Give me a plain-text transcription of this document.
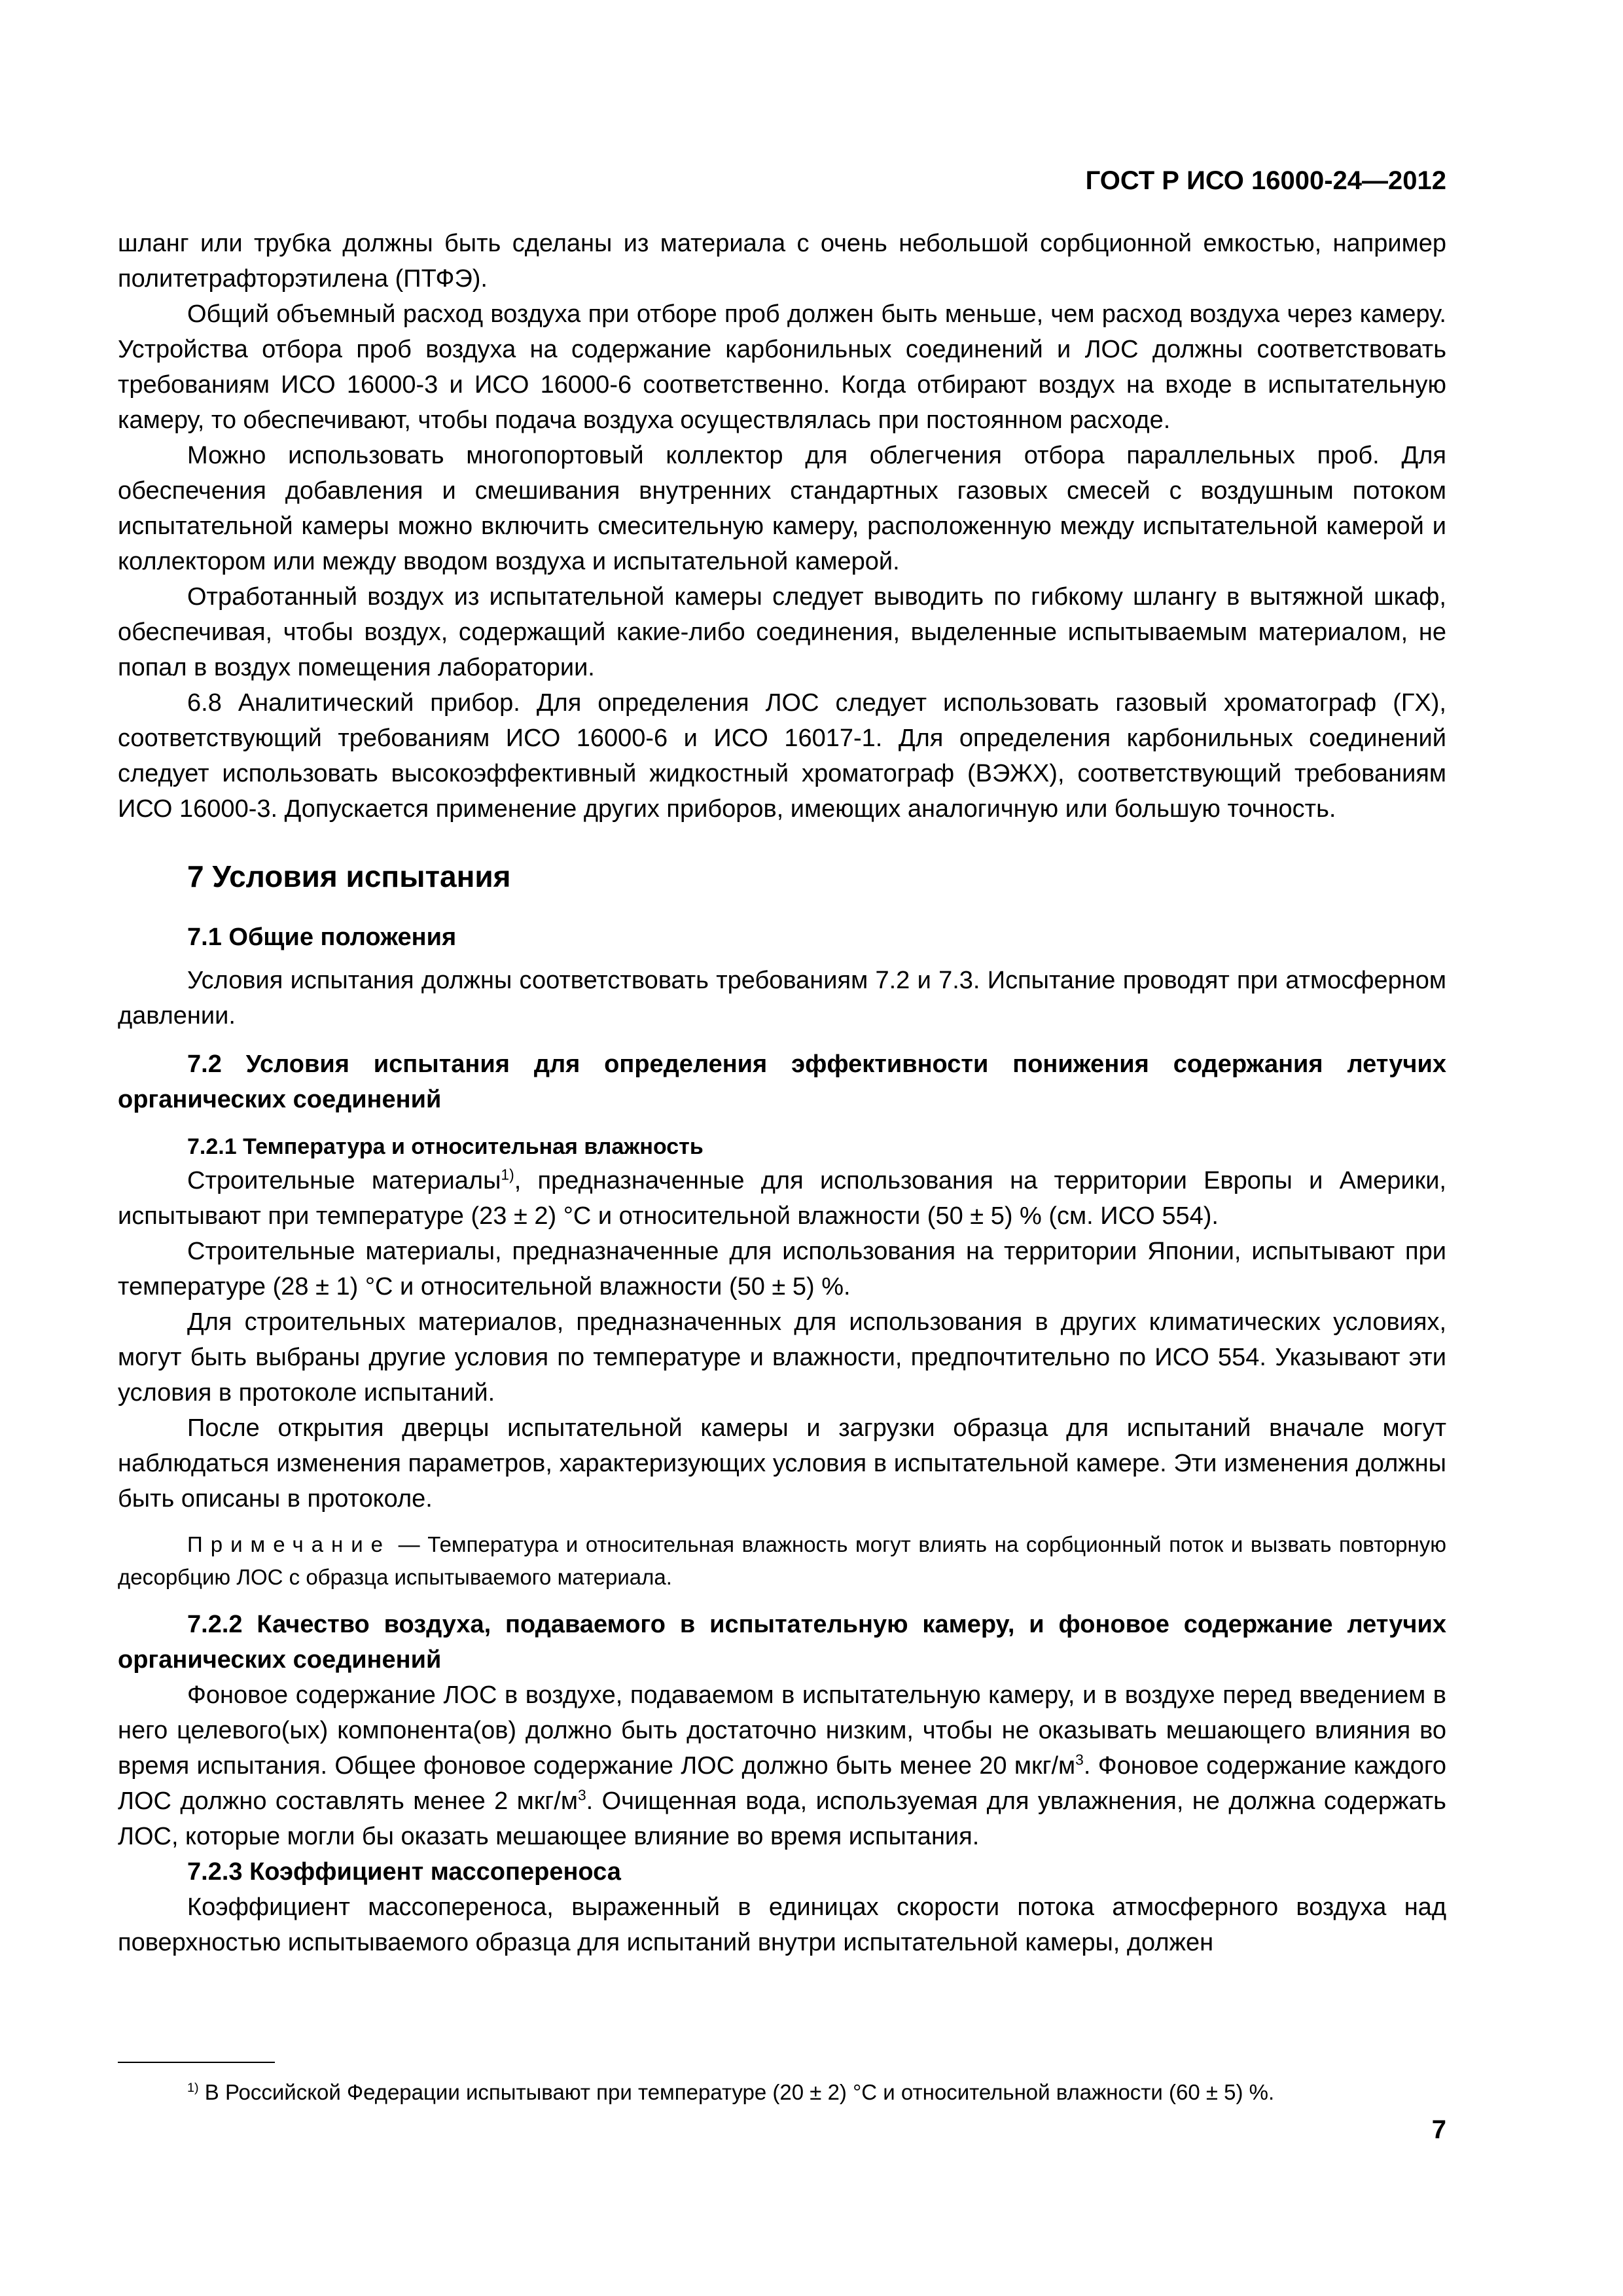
ГОСТ Р ИСО 16000-24—2012

шланг или трубка должны быть сделаны из материала с очень небольшой сорбционной емкостью, например политетрафторэтилена (ПТФЭ).

Общий объемный расход воздуха при отборе проб должен быть меньше, чем расход воздуха через камеру. Устройства отбора проб воздуха на содержание карбонильных соединений и ЛОС должны соответствовать требованиям ИСО 16000-3 и ИСО 16000-6 соответственно. Когда отбирают воздух на входе в испытательную камеру, то обеспечивают, чтобы подача воздуха осуществлялась при постоянном расходе.

Можно использовать многопортовый коллектор для облегчения отбора параллельных проб. Для обеспечения добавления и смешивания внутренних стандартных газовых смесей с воздушным потоком испытательной камеры можно включить смесительную камеру, расположенную между испытательной камерой и коллектором или между вводом воздуха и испытательной камерой.

Отработанный воздух из испытательной камеры следует выводить по гибкому шлангу в вытяжной шкаф, обеспечивая, чтобы воздух, содержащий какие-либо соединения, выделенные испытываемым материалом, не попал в воздух помещения лаборатории.

6.8 Аналитический прибор. Для определения ЛОС следует использовать газовый хроматограф (ГХ), соответствующий требованиям ИСО 16000-6 и ИСО 16017-1. Для определения карбонильных соединений следует использовать высокоэффективный жидкостный хроматограф (ВЭЖХ), соответствующий требованиям ИСО 16000-3. Допускается применение других приборов, имеющих аналогичную или большую точность.

7 Условия испытания
7.1 Общие положения

Условия испытания должны соответствовать требованиям 7.2 и 7.3. Испытание проводят при атмосферном давлении.

7.2 Условия испытания для определения эффективности понижения содержания летучих органических соединений
7.2.1 Температура и относительная влажность

Строительные материалы$^{1)}$, предназначенные для использования на территории Европы и Америки, испытывают при температуре (23 ± 2) °С и относительной влажности (50 ± 5) % (см. ИСО 554).

Строительные материалы, предназначенные для использования на территории Японии, испытывают при температуре (28 ± 1) °С и относительной влажности (50 ± 5) %.

Для строительных материалов, предназначенных для использования в других климатических условиях, могут быть выбраны другие условия по температуре и влажности, предпочтительно по ИСО 554. Указывают эти условия в протоколе испытаний.

После открытия дверцы испытательной камеры и загрузки образца для испытаний вначале могут наблюдаться изменения параметров, характеризующих условия в испытательной камере. Эти изменения должны быть описаны в протоколе.

Примечание — Температура и относительная влажность могут влиять на сорбционный поток и вызвать повторную десорбцию ЛОС с образца испытываемого материала.

7.2.2 Качество воздуха, подаваемого в испытательную камеру, и фоновое содержание летучих органических соединений

Фоновое содержание ЛОС в воздухе, подаваемом в испытательную камеру, и в воздухе перед введением в него целевого(ых) компонента(ов) должно быть достаточно низким, чтобы не оказывать мешающего влияния во время испытания. Общее фоновое содержание ЛОС должно быть менее 20 мкг/$м^3$. Фоновое содержание каждого ЛОС должно составлять менее 2 мкг/$м^3$. Очищенная вода, используемая для увлажнения, не должна содержать ЛОС, которые могли бы оказать мешающее влияние во время испытания.

7.2.3 Коэффициент массопереноса

Коэффициент массопереноса, выраженный в единицах скорости потока атмосферного воздуха над поверхностью испытываемого образца для испытаний внутри испытательной камеры, должен

$^{1)}$ В Российской Федерации испытывают при температуре (20 ± 2) °С и относительной влажности (60 ± 5) %.
7
